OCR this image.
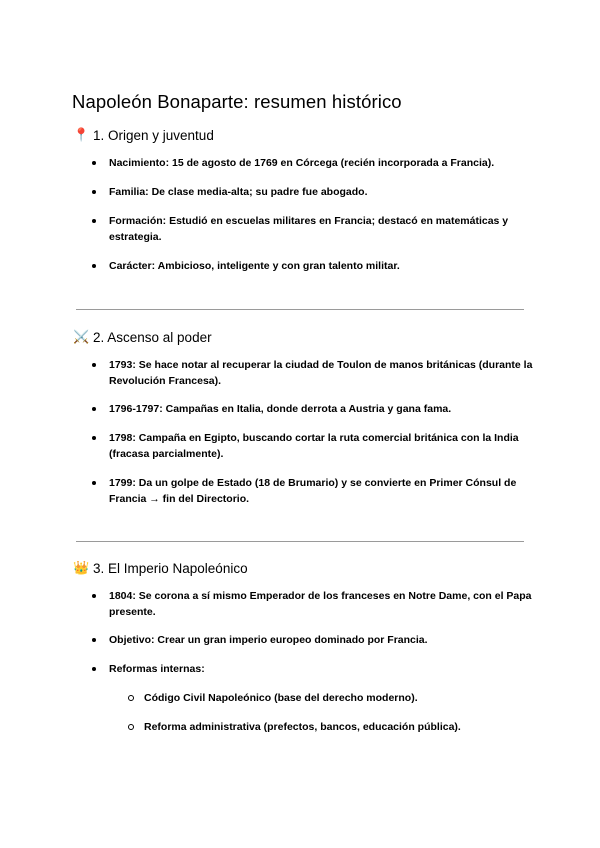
Napoleón Bonaparte: resumen histórico
📍 1. Origen y juventud
Nacimiento: 15 de agosto de 1769 en Córcega (recién incorporada a Francia).
Familia: De clase media-alta; su padre fue abogado.
Formación: Estudió en escuelas militares en Francia; destacó en matemáticas y estrategia.
Carácter: Ambicioso, inteligente y con gran talento militar.
⚔️ 2. Ascenso al poder
1793: Se hace notar al recuperar la ciudad de Toulon de manos británicas (durante la Revolución Francesa).
1796-1797: Campañas en Italia, donde derrota a Austria y gana fama.
1798: Campaña en Egipto, buscando cortar la ruta comercial británica con la India (fracasa parcialmente).
1799: Da un golpe de Estado (18 de Brumario) y se convierte en Primer Cónsul de Francia → fin del Directorio.
👑 3. El Imperio Napoleónico
1804: Se corona a sí mismo Emperador de los franceses en Notre Dame, con el Papa presente.
Objetivo: Crear un gran imperio europeo dominado por Francia.
Reformas internas:
Código Civil Napoleónico (base del derecho moderno).
Reforma administrativa (prefectos, bancos, educación pública).
